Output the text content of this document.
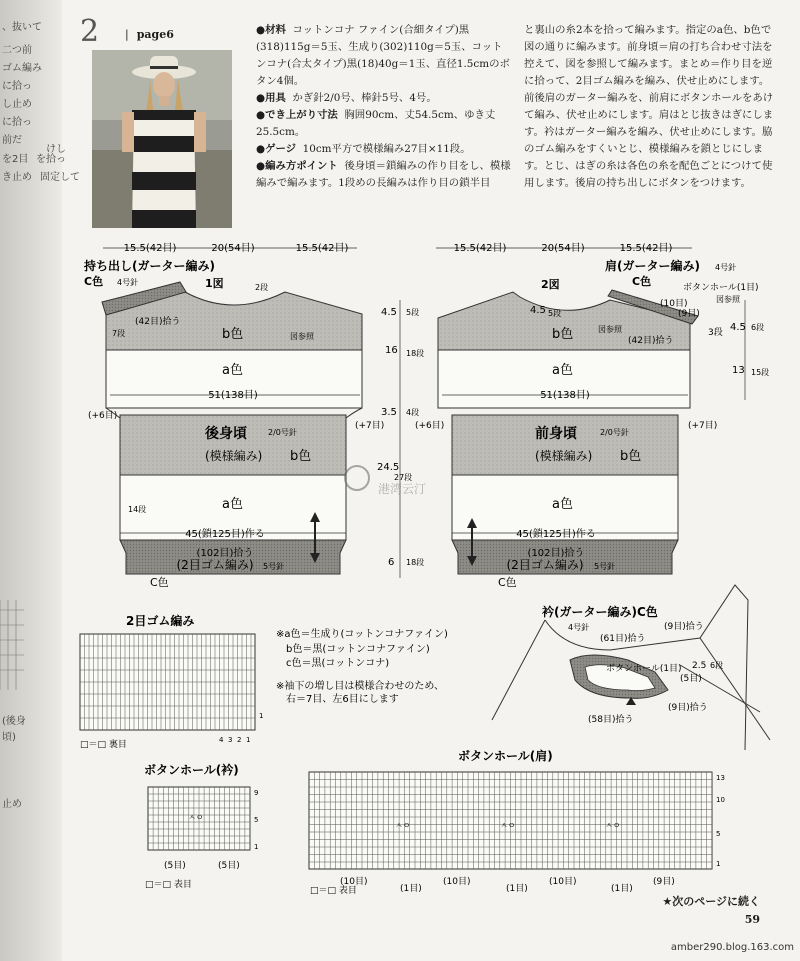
、抜いて
二つ前
ゴム編み
に拾っ
し止め
に拾っ
前だ
けし
を2目
き止め
を拾っ
固定して
(後身
頃)
止め
2
|	page6	●材料 コットンコナ ファイン(合細タイプ)黒(318)115g＝5玉、生成り(302)110g＝5玉、コットンコナ(合太タイプ)黒(18)40g＝1玉、直径1.5cmのボタン4個。

●用具 かぎ針2/0号、棒針5号、4号。

●でき上がり寸法 胸囲90cm、丈54.5cm、ゆき丈25.5cm。

●ゲージ 10cm平方で模様編み27目×11段。

●編み方ポイント 後身頃＝鎖編みの作り目をし、模様編みで編みます。1段めの長編みは作り目の鎖半目

と裏山の糸2本を拾って編みます。指定のa色、b色で図の通りに編みます。前身頃＝肩の打ち合わせ寸法を控えて、図を参照して編みます。まとめ＝作り目を逆に拾って、2目ゴム編みを編み、伏せ止めにします。前後肩のガーター編みを、前肩にボタンホールをあけて編み、伏せ止めにします。肩はとじ抜きはぎにします。衿はガーター編みを編み、伏せ止めにします。脇のゴム編みをすくいとじ、模様編みを鎖とじにします。とじ、はぎの糸は各色の糸を配色ごとにつけて使用します。後肩の持ち出しにボタンをつけます。

15.5(42目)	20(54目)	15.5(42目)	15.5(42目)	20(54目)	15.5(42目)
持ち出し(ガーター編み)
C色 4号針	1図	2段
(42目)拾う
7段	b色	図参照
a色
51(138目)
(+6目)
(+7目)
後身頃	2/0号針
(模様編み) b色
a色
14段
45(鎖125目)作る
(102目)拾う
(2目ゴム編み) 5号針
C色
4.5 5段
16 18段
3.5 4段
24.5
27段
6 18段
肩(ガーター編み) 4号針
2図	C色	ボタンホール(1目)
図参照
4.5 5段
(10目)
(9目)
3段
図参照
(42目)拾う
b色
a色
51(138目)
(+6目)	(+7目)
前身頃	2/0号針
(模様編み) b色
a色
45(鎖125目)作る
(102目)拾う
(2目ゴム編み) 5号針
C色
4.5 6段
13 15段
港湾云汀
2目ゴム編み
4 3 2 1
1
□＝□ 裏目
※a色＝生成り(コットンコナファイン)
b色＝黒(コットンコナファイン)
c色＝黒(コットンコナ)
※袖下の増し目は模様合わせのため、
右＝7目、左6目にします
衿(ガーター編み)C色
4号針
(61目)拾う
(9目)拾う
2.5 6段
ボタンホール(1目)
(5目)
(58目)拾う
(9目)拾う
ボタンホール(衿)
9
5
1
ㅅㅇ
(5目)	(5目)
□＝□ 表目
ボタンホール(肩)
13
10
5
1
ㅅㅇ	ㅅㅇ	ㅅㅇ
(10目)	(10目)	(10目)	(9目)
(1目)	(1目)	(1目)
□＝□ 表目
★次のページに続く
59
amber290.blog.163.com
